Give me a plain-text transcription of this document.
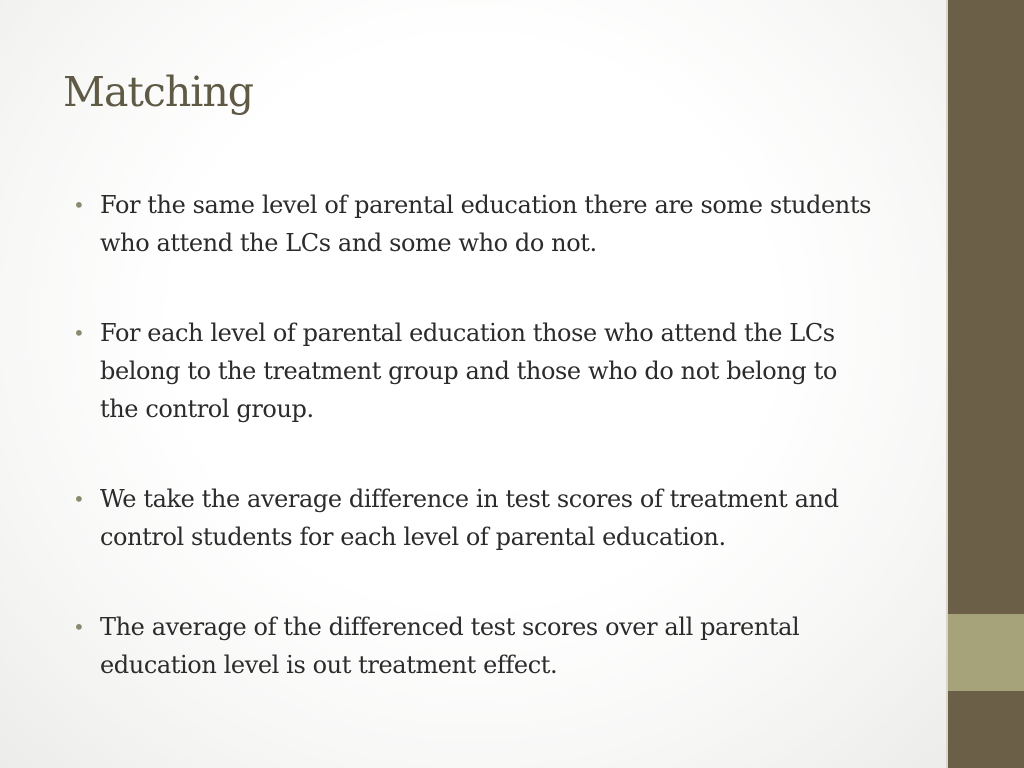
Matching
• For the same level of parental education there are some students who attend the LCs and some who do not.
• For each level of parental education those who attend the LCs belong to the treatment group and those who do not belong to the control group.
• We take the average difference in test scores of treatment and control students for each level of parental education.
• The average of the differenced test scores over all parental education level is out treatment effect.
